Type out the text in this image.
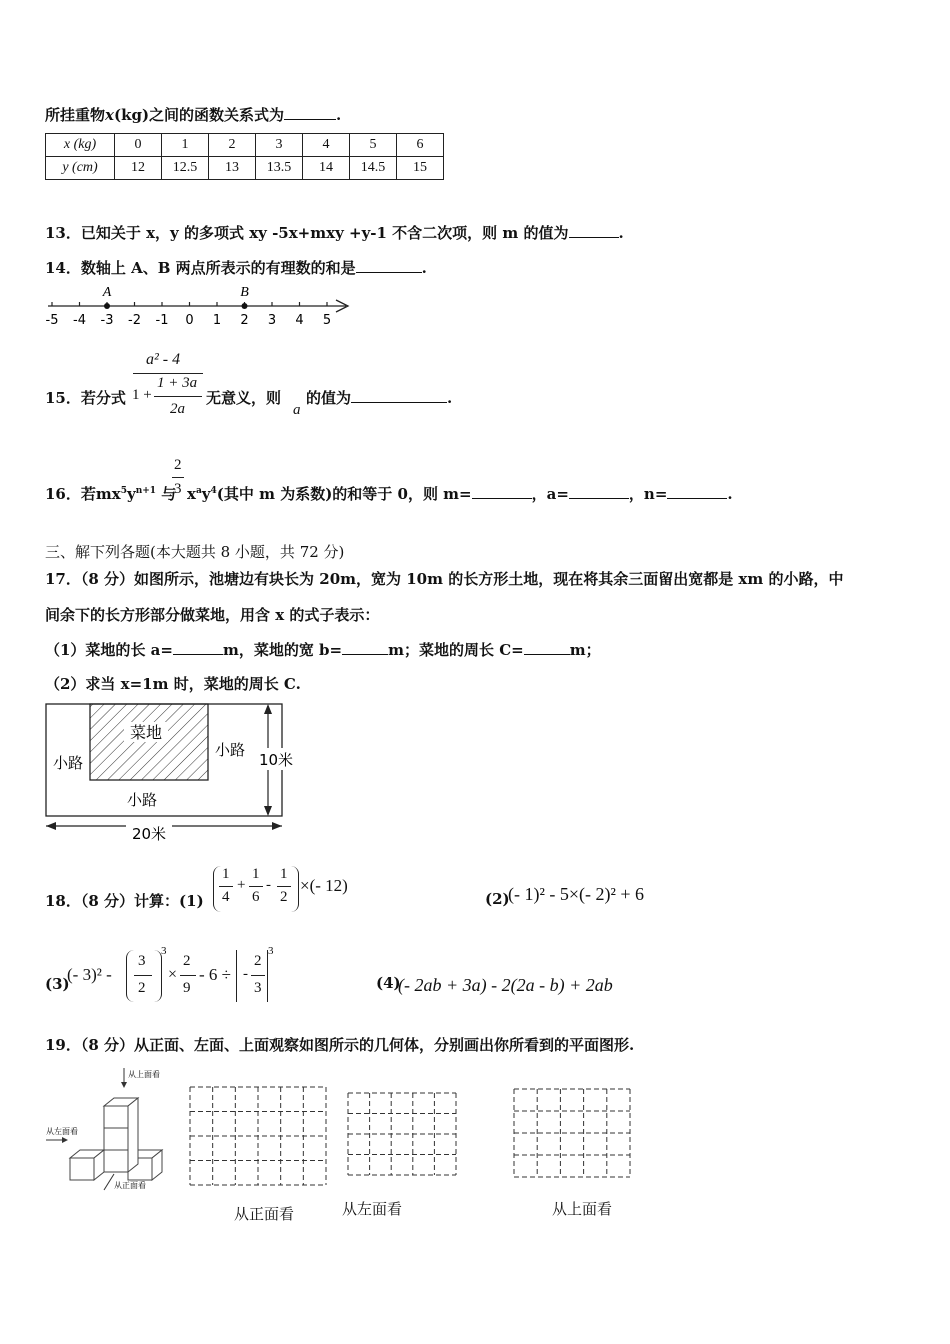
所挂重物x(kg)之间的函数关系式为	.
x (kg)	0	1	2	3	4	5	6
y (cm)	12	12.5	13	13.5	14	14.5	15
13．已知关于 x，y 的多项式 xy -5x+mxy +y-1 不含二次项，则 m 的值为	.
14．数轴上 A、B 两点所表示的有理数的和是	.
-5 -4 -3 -2 -1 0 1 2 3 4 5
A	B
a² - 4
1 + 3a
2a
1 +
15．若分式	无意义，则
a
的值为	.
16．若$mx^5y^{n+1}$ 与
2
3 $x^ay^4$(其中 m 为系数)的和等于 0，则 m=	，a=	，n=	.
三、解下列各题(本大题共 8 小题，共 72 分)
17．（8 分）如图所示，池塘边有块长为 20m，宽为 10m 的长方形土地，现在将其余三面留出宽都是 xm 的小路，中
间余下的长方形部分做菜地，用含 x 的式子表示：
（1）菜地的长 a=	m，菜地的宽 b=	m；菜地的周长 C=	m；
（2）求当 x=1m 时，菜地的周长 C.
菜地
小路
小路
小路
10米
20米
18．（8 分）计算：(1)
1
4
+
1
6
-
1
2
×(- 12)
(2)
(- 1)² - 5×(- 2)² + 6
(3)
(- 3)² -
3
2
3
×
2
9
- 6 ÷ -
2
3
3
(4)
(- 2ab + 3a) - 2(2a - b) + 2ab
19．（8 分）从正面、左面、上面观察如图所示的几何体，分别画出你所看到的平面图形.
从上面看
从左面看
从正面看
从正面看	从左面看	从上面看
